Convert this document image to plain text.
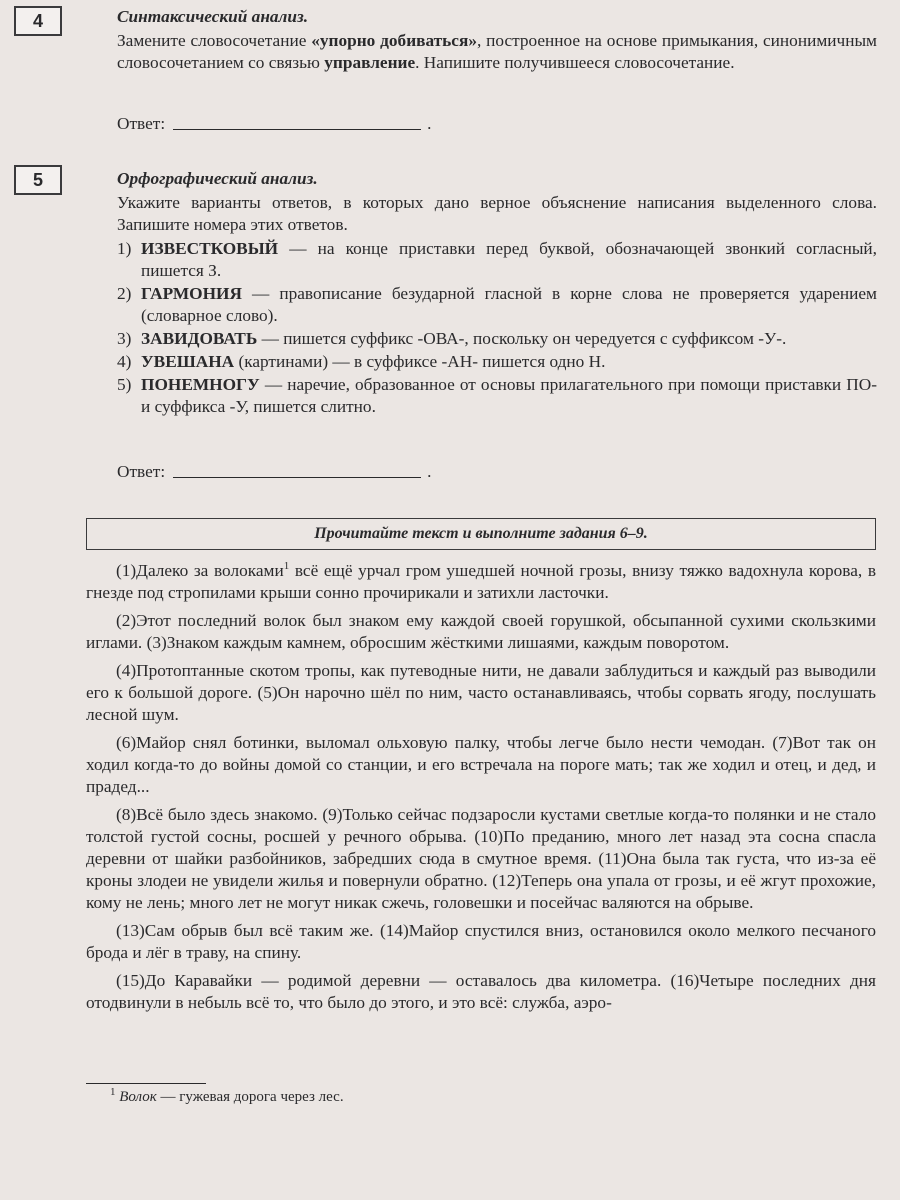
4	Синтаксический анализ.

Замените словосочетание «упорно добиваться», построенное на основе примыкания, синонимичным словосочетанием со связью управление. Напишите получившееся словосочетание.

Ответ:	.
5	Орфографический анализ.

Укажите варианты ответов, в которых дано верное объяснение написания выделенного слова. Запишите номера этих ответов.

1) ИЗВЕСТКОВЫЙ — на конце приставки перед буквой, обозначающей звонкий согласный, пишется З.
2) ГАРМОНИЯ — правописание безударной гласной в корне слова не проверяется ударением (словарное слово).
3) ЗАВИДОВАТЬ — пишется суффикс -ОВА-, поскольку он чередуется с суффиксом -У-.
4) УВЕШАНА (картинами) — в суффиксе -АН- пишется одно Н.
5) ПОНЕМНОГУ — наречие, образованное от основы прилагательного при помощи приставки ПО- и суффикса -У, пишется слитно.
Ответ:	.
Прочитайте текст и выполните задания 6–9.

(1)Далеко за волоками$^1$ всё ещё урчал гром ушедшей ночной грозы, внизу тяжко вадохнула корова, в гнезде под стропилами крыши сонно прочирикали и затихли ласточки.

(2)Этот последний волок был знаком ему каждой своей горушкой, обсыпанной сухими скользкими иглами. (3)Знаком каждым камнем, обросшим жёсткими лишаями, каждым поворотом.

(4)Протоптанные скотом тропы, как путеводные нити, не давали заблудиться и каждый раз выводили его к большой дороге. (5)Он нарочно шёл по ним, часто останавливаясь, чтобы сорвать ягоду, послушать лесной шум.

(6)Майор снял ботинки, выломал ольховую палку, чтобы легче было нести чемодан. (7)Вот так он ходил когда-то до войны домой со станции, и его встречала на пороге мать; так же ходил и отец, и дед, и прадед...

(8)Всё было здесь знакомо. (9)Только сейчас подзаросли кустами светлые когда-то полянки и не стало толстой густой сосны, росшей у речного обрыва. (10)По преданию, много лет назад эта сосна спасла деревни от шайки разбойников, забредших сюда в смутное время. (11)Она была так густа, что из-за её кроны злодеи не увидели жилья и повернули обратно. (12)Теперь она упала от грозы, и её жгут прохожие, кому не лень; много лет не могут никак сжечь, головешки и посейчас валяются на обрыве.

(13)Сам обрыв был всё таким же. (14)Майор спустился вниз, остановился около мелкого песчаного брода и лёг в траву, на спину.

(15)До Каравайки — родимой деревни — оставалось два километра. (16)Четыре последних дня отодвинули в небыль всё то, что было до этого, и это всё: служба, аэро-

$^1$ Волок — гужевая дорога через лес.
